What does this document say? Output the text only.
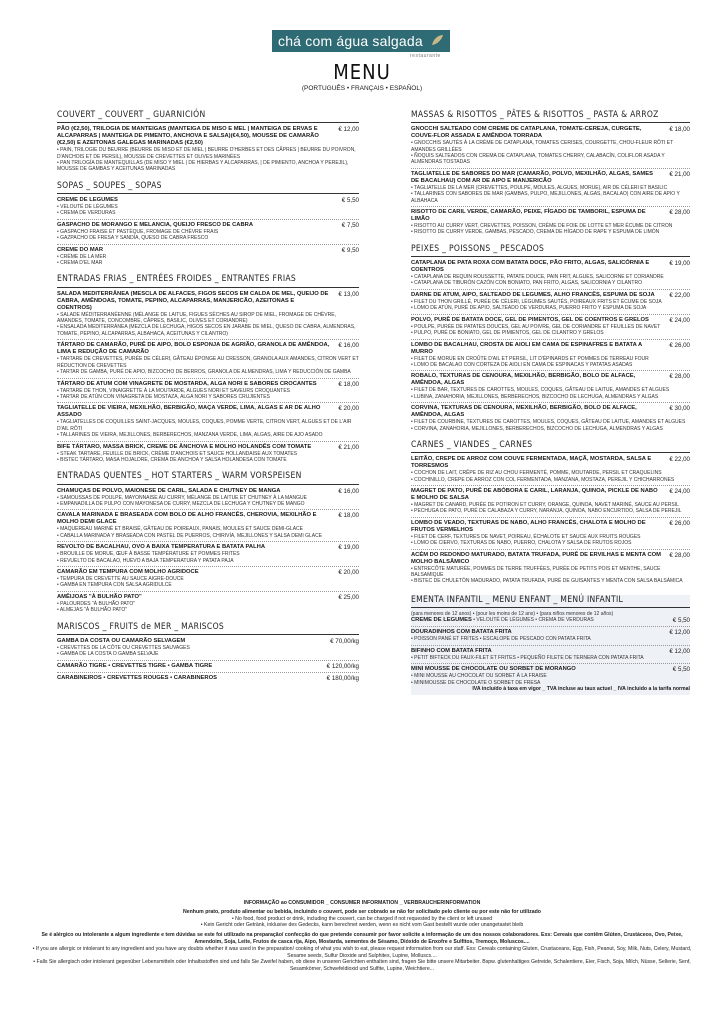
chá com água salgada
restaurante
MENU
(PORTUGUÊS • FRANÇAIS • ESPAÑOL)
COUVERT _ COUVERT _ GUARNICIÓN
PÃO (€2,50), TRILOGIA DE MANTEIGAS (MANTEIGA DE MISO E MEL | MANTEIGA DE ERVAS E ALCAPARRAS | MANTEIGA DE PIMENTO, ANCHOVA E SALSA)(€4,50), MOUSSE DE CAMARÃO (€2,50) E AZEITONAS GALEGAS MARINADAS (€2,50)
€ 12,00
• PAIN, TRILOGIE DU BEURRE (BEURRE DE MISO ET DE MIEL | BEURRE D'HERBES ET DES CÂPRES | BEURRE DU POIVRON, D'ANCHOIS ET DE PERSIL), MOUSSE DE CREVETTES ET OLIVES MARINÉES
• PAN TRILOGÍA DE MANTEQUILLAS (DE MISO Y MIEL | DE HIERBAS Y ALCAPARRAS, | DE PIMIENTO, ANCHOA Y PEREJIL), MOUSSE DE GAMBAS Y ACEITUNAS MARINADAS
SOPAS _ SOUPES _ SOPAS
CREME DE LEGUMES	€ 5,50
• VELOUTÉ DE LÉGUMES
• CREMA DE VERDURAS
GASPACHO DE MORANGO E MELANCIA, QUEIJO FRESCO DE CABRA	€ 7,50
• GASPACHO FRAISE ET PASTÈQUE, FROMAGE DE CHÈVRE FRAIS
• GAZPACHO DE FRESA Y SANDÍA, QUESO DE CABRA FRESCO
CREME DO MAR	€ 9,50
• CRÈME DE LA MER
• CREMA D'EL MAR
ENTRADAS FRIAS _ ENTRÉES FROIDES _ ENTRANTES FRIAS
SALADA MEDITERRÂNEA (MESCLA DE ALFACES, FIGOS SECOS EM CALDA DE MEL, QUEIJO DE CABRA, AMÊNDOAS, TOMATE, PEPINO, ALCAPARRAS, MANJERICÃO, AZEITONAS E COENTROS)
€ 13,00
• SALADE MÉDITERRANÉENNE (MÉLANGE DE LAITUE, FIGUES SÈCHES AU SIROP DE MIEL, FROMAGE DE CHÈVRE, AMANDES, TOMATE, CONCOMBRE, CÂPRES, BASILIC, OLIVES ET CORIANDRE)
• ENSALADA MEDITERRÁNEA (MEZCLA DE LECHUGA, HIGOS SECOS EN JARABE DE MIEL, QUESO DE CABRA, ALMENDRAS, TOMATE, PEPINO, ALCAPARRAS, ALBAHACA, ACEITUNAS Y CILANTRO)
TÁRTARO DE CAMARÃO, PURÊ DE AIPO, BOLO ESPONJA DE AGRIÃO, GRANOLA DE AMÊNDOA, LIMA E REDUÇÃO DE CAMARÃO
€ 16,00
• TARTARE DE CREVETTES, PURÉE DE CÉLERI, GÂTEAU ÉPONGE AU CRESSON, GRANOLA AUX AMANDES, CITRON VERT ET RÉDUCTION DE CREVETTES
• TARTAR DE GAMBA, PURÉ DE APIO, BIZCOCHO DE BERROS, GRANOLA DE ALMENDRAS, LIMA Y REDUCCIÓN DE GAMBA
TÁRTARO DE ATUM COM VINAGRETE DE MOSTARDA, ALGA NORI E SABORES CROCANTES	€ 18,00
• TARTARE DE THON, VINAIGRETTE À LA MOUTARDE, ALGUES NORI ET SAVEURS CROQUANTES
• TARTAR DE ATÚN CON VINAGRETA DE MOSTAZA, ALGA NORI Y SABORES CRUJIENTES
TAGLIATELLE DE VIEIRA, MEXILHÃO, BERBIGÃO, MAÇA VERDE, LIMA, ALGAS E AR DE ALHO ASSADO
€ 20,00
• TAGLIATELLES DE COQUILLES SAINT-JACQUES, MOULES, COQUES, POMME VERTE, CITRON VERT, ALGUES ET DE L'AIR D'AIL RÔTI
• TALLARINES DE VIEIRA, MEJILLONES, BERBERECHOS, MANZANA VERDE, LIMA, ALGAS, AIRE DE AJO ASADO
BIFE TÁRTARO, MASSA BRICK, CREME DE ÂNCHOVA E MOLHO HOLANDÊS COM TOMATE	€ 21,00
• STEAK TARTARE, FEUILLE DE BRICK, CRÈME D'ANCHOIS ET SAUCE HOLLANDAISE AUX TOMATES
• BISTEC TÁRTARO, MASA HOJALDRE, CREMA DE ANCHOA Y SALSA HOLANDESA CON TOMATE
ENTRADAS QUENTES _ HOT STARTERS _ WARM VORSPEISEN
CHAMUÇAS DE POLVO, MAIONESE DE CARIL, SALADA E CHUTNEY DE MANGA	€ 16,00
• SAMOUSSAS DE POULPE, MAYONNAISE AU CURRY, MÉLANGE DE LAITUE ET CHUTNEY À LA MANGUE
• EMPANADILLA DE PULPO CON MAYONESA DE CURRY, MEZCLA DE LECHUGA Y CHUTNEY DE MANGO
CAVALA MARINADA E BRASEADA COM BOLO DE ALHO FRANCÊS, CHEROVIA, MEXILHÃO E MOLHO DEMI GLACE
€ 18,00
• MAQUEREAU MARINÉ ET BRAISÉ, GÂTEAU DE POIREAUX, PANAIS, MOULES ET SAUCE DEMI-GLACE
• CABALLA MARINADA Y BRASEADA CON PASTEL DE PUERROS, CHIRIVÍA, MEJILLONES Y SALSA DEMI GLACE
REVOLTO DE BACALHAU, OVO A BAIXA TEMPERATURA E BATATA PALHA	€ 19,00
• BROUILLE DE MORUE, ŒUF À BASSE TEMPÉRATURE ET POMMES FRITES
• REVUELTO DE BACALAO, HUEVO A BAJA TEMPERATURA Y PATATA PAJA
CAMARÃO EM TEMPURA COM MOLHO AGRIDOCE	€ 20,00
• TEMPURA DE CREVETTE AU SAUCE AIGRE-DOUCE
• GAMBA EN TEMPURA CON SALSA AGRIDULCE
AMÊIJOAS "À BULHÃO PATO"	€ 25,00
• PALOURDES "À BULHÃO PATO"
• ALMEJAS "À BULHÃO PATO"
MARISCOS _ FRUITS de MER _ MARISCOS
GAMBA DA COSTA OU CAMARÃO SELVAGEM	€ 70,00/kg
• CREVETTES DE LA CÔTE OU CREVETTES SAUVAGES
• GAMBA DE LA COSTA O GAMBA SELVAJE
CAMARÃO TIGRE • CREVETTES TIGRE • GAMBA TIGRE	€ 120,00/kg
CARABINEIROS • CREVETTES ROUGES • CARABINEROS	€ 180,00/kg
MASSAS & RISOTTOS _ PÂTES & RISOTTOS _ PASTA & ARROZ
GNOCCHI SALTEADO COM CREME DE CATAPLANA, TOMATE-CEREJA, CURGETE, COUVE-FLOR ASSADA E AMÊNDOA TORRADA
€ 18,00
• GNOCCHIS SAUTÉS À LA CRÈME DE CATAPLANA, TOMATES CERISES, COURGETTE, CHOU-FLEUR RÔTI ET AMANDES GRILLÉES
• ÑOQUIS SALTEADOS CON CREMA DE CATAPLANA, TOMATES CHERRY, CALABACÍN, COLIFLOR ASADA Y ALMENDRAS TOSTADAS
TAGLIATELLE DE SABORES DO MAR (CAMARÃO, POLVO, MEXILHÃO, ALGAS, SAMES DE BACALHAU) COM AR DE AIPO E MANJERICÃO
€ 21,00
• TAGLIATELLE DE LA MER (CREVETTES, POULPE, MOULES, ALGUES, MORUE), AIR DE CÉLERI ET BASILIC
• TALLARINES CON SABORES DE MAR (GAMBAS, PULPO, MEJILLONES, ALGAS, BACALAO) CON AIRE DE APIO Y ALBAHACA
RISOTTO DE CARIL VERDE, CAMARÃO, PEIXE, FÍGADO DE TAMBORIL, ESPUMA DE LIMÃO
€ 28,00
• RISOTTO AU CURRY VERT, CREVETTES, POISSON, CRÈME DE FOIE DE LOTTE ET MER ÉCUME DE CITRON
• RISOTTO DE CURRY VERDE, GAMBAS, PESCADO, CREMA DE HÍGADO DE RAPE Y ESPUMA DE LIMÓN
PEIXES _ POISSONS _ PESCADOS
CATAPLANA DE PATA ROXA COM BATATA DOCE, PÃO FRITO, ALGAS, SALICÓRNIA E COENTROS
€ 19,00
• CATAPLANA DE REQUIN ROUSSETTE, PATATE DOUCE, PAIN FRIT, ALGUES, SALICORNE ET CORIANDRE
• CATAPLANA DE TIBURÓN CAZÓN CON BONIATO, PAN FRITO, ALGAS, SALICORNIA Y CILANTRO
DARNE DE ATUM, AIPO, SALTEADO DE LEGUMES, ALHO FRANCÊS, ESPUMA DE SOJA	€ 22,00
• FILET DU THON GRILLÉ, PURÉE DE CÉLERI, LÉGUMES SAUTÉS, POIREAUX FRITS ET ÉCUME DE SOJA
• LOMO DE ATÚN, PURÉ DE APIO, SALTEADO DE VERDURAS, PUERRO FRITO Y ESPUMA DE SOJA
POLVO, PURÊ DE BATATA DOCE, GEL DE PIMENTOS, GEL DE COENTROS E GRELOS	€ 24,00
• POULPE, PURÉE DE PATATES DOUCES, GEL AU POIVRE, GEL DE CORIANDRE ET FEUILLES DE NAVET
• PULPO, PURÉ DE BONIATO, GEL DE PIMIENTOS, GEL DE CILANTRO Y GRELOS
LOMBO DE BACALHAU, CROSTA DE AIOLI EM CAMA DE ESPINAFRES E BATATA A MURRO
€ 26,00
• FILET DE MORUE EN CROÛTE D'AIL ET PERSIL, LIT D'ÉPINARDS ET POMMES DE TERREAU FOUR
• LOMO DE BACALAO CON CORTEZA DE AIOLI EN CAMA DE ESPINACAS Y PATATAS ASADAS
ROBALO, TEXTURAS DE CENOURA, MEXILHÃO, BERBIGÃO, BOLO DE ALFACE, AMÊNDOA, ALGAS
€ 28,00
• FILET DE BAR, TEXTURES DE CAROTTES, MOULES, COQUES, GÂTEAU DE LAITUE, AMANDES ET ALGUES
• LUBINA, ZANAHORIA, MEJILLONES, BERBERECHOS, BIZCOCHO DE LECHUGA, ALMENDRAS Y ALGAS
CORVINA, TEXTURAS DE CENOURA, MEXILHÃO, BERBIGÃO, BOLO DE ALFACE, AMÊNDOA, ALGAS
€ 30,00
• FILET DE COURBINE, TEXTURES DE CAROTTES, MOULES, COQUES, GÂTEAU DE LAITUE, AMANDES ET ALGUES
• CORVINA, ZANAHORIA, MEJILLONES, BERBERECHOS, BIZCOCHO DE LECHUGA, ALMENDRAS Y ALGAS
CARNES _ VIANDES _ CARNES
LEITÃO, CREPE DE ARROZ COM COUVE FERMENTADA, MAÇÃ, MOSTARDA, SALSA E TORRESMOS
€ 22,00
• COCHON DE LAIT, CRÊPE DE RIZ AU CHOU FERMENTÉ, POMME, MOUTARDE, PERSIL ET CRAQUELINS
• COCHINILLO, CREPE DE ARROZ CON COL FERMENTADA, MANZANA, MOSTAZA, PEREJIL Y CHICHARRONES
MAGRET DE PATO, PURÊ DE ABÓBORA E CARIL, LARANJA, QUINOA, PICKLE DE NABO E MOLHO DE SALSA
€ 24,00
• MAGRET DE CANARD, PURÉE DE POTIRON ET CURRY, ORANGE, QUINOA, NAVET MARINÉ, SAUCE AU PERSIL
• PECHUGA DE PATO, PURÉ DE CALABAZA Y CURRY, NARANJA, QUINOA, NABO ENCURTIDO, SALSA DE PEREJIL
LOMBO DE VEADO, TEXTURAS DE NABO, ALHO FRANCÊS, CHALOTA E MOLHO DE FRUTOS VERMELHOS
€ 26,00
• FILET DE CERF, TEXTURES DE NAVET, POIREAU, ÉCHALOTE ET SAUCE AUX FRUITS ROUGES
• LOMO DE CIERVO, TEXTURAS DE NABO, PUERRO, CHALOTA Y SALSA DE FRUTOS ROJOS
ACÉM DO REDONDO MATURADO, BATATA TRUFADA, PURÊ DE ERVILHAS E MENTA COM MOLHO BALSÂMICO
€ 28,00
• ENTRECÔTE MATURÉE, POMMES DE TERRE TRUFFÉES, PURÉE DE PETITS POIS ET MENTHE, SAUCE BALSAMIQUE
• BISTEC DE CHULETÓN MADURADO, PATATA TRUFADA, PURÉ DE GUISANTES Y MENTA CON SALSA BALSÁMICA
EMENTA INFANTIL _ MENU ENFANT _ MENÚ INFANTIL
(para menores de 12 anos) • (pour les moins de 12 ans) • (para niños menores de 12 años)
CREME DE LEGUMES • VELOUTÉ DE LÉGUMES • CREMA DE VERDURAS	€ 5,50
DOURADINHOS COM BATATA FRITA	€ 12,00
• POISSON PANÉ ET FRITES • ESCALOPE DE PESCADO CON PATATA FRITA
BIFINHO COM BATATA FRITA	€ 12,00
• PETIT BIFTECK DU FAUX-FILET ET FRITES • PEQUEÑO FILETE DE TERNERA CON PATATA FRITA
MINI MOUSSE DE CHOCOLATE OU SORBET DE MORANGO	€ 5,50
• MINI MOUSSE AU CHOCOLAT OU SORBET À LA FRAISE
• MINIMOUSSE DE CHOCOLATE O SORBET DE FRESA
IVA incluído à taxa em vigor _ TVA incluse au taux actuel _ IVA incluido a la tarifa normal
INFORMAÇÃO ao CONSUMIDOR _ CONSUMER INFORMATION _ VERBRAUCHERINFORMATION
Nenhum prato, produto alimentar ou bebida, incluindo o couvert, pode ser cobrado se não for solicitado pelo cliente ou por este não for utilizado
• No food, food product or drink, including the couvert, can be charged if not requested by the client or left unused
• Kein Gericht oder Getränk, inklusive des Gedecks, kann berechnet werden, wenn es nicht vom Gast bestellt wurde oder unangetastet bleib
Se é alérgico ou intolerante a algum ingrediente e tem dúvidas se este foi utilizado na preparação/ confecção do que pretende consumir por favor solicite a informação de um dos nossos colaboradores. Exs: Cereais que contêm Glúten, Crustáceos, Ovo, Peixe, Amendoim, Soja, Leite, Frutos de casca rija, Aipo, Mostarda, sementes de Sésamo, Dióxido de Enxofre e Sulfitos, Tremoço, Moluscos....
• If you are allergic or intolerant to any ingredient and you have any doubts whether it was used in the preparation/ cooking of what you wish to eat, please request information from our staff. Exs: Cereals containing Gluten, Crustaceans, Egg, Fish, Peanut, Soy, Milk, Nuts, Celery, Mustard, Sesame seeds, Sulfur Dioxide and Sulphites, Lupine, Molluscs....
• Falls Sie allergisch oder intolerant gegenüber Lebensmitteln oder Inhaltsstoffen sind und falls Sie Zweifel haben, ob diese in unseren Gerichten enthalten sind, fragen Sie bitte unsere Mitarbeiter. Bspw. glutenhaltiges Getreide, Schalentiere, Eier, Fisch, Soja, Milch, Nüsse, Sellerie, Senf, Sesamkörner, Schwefeldioxid und Sulfite, Lupine, Weichtiere...
